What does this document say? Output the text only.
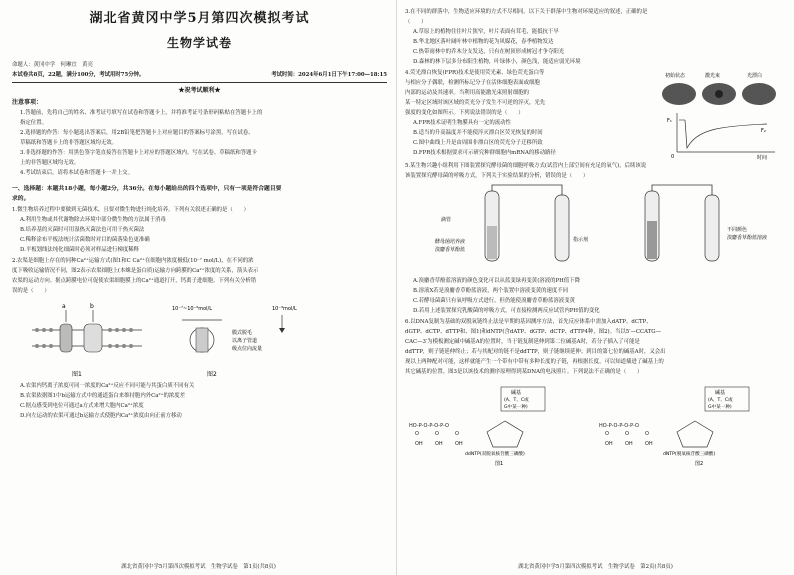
湖北省黄冈中学5月第四次模拟考试
生物学试卷
命题人：黄冈中学　何琳宜　黄亮
本试卷共8页，22题，满分100分，考试用时75分钟。	考试时间：2024年6月1日下午17:00—18:15
★祝考试顺利★
注意事项：

1.答题前，先将自己的姓名、准考证号填写在试卷和答题卡上，并将准考证号条形码粘贴在答题卡上的

指定位置。

2.选择题的作答：每小题选出答案后，用2B铅笔把答题卡上对应题目的答案标号涂黑。写在试卷、

草稿纸和答题卡上的非答题区域均无效。

3.非选择题的作答：用黑色签字笔直接答在答题卡上对应的答题区域内。写在试卷、草稿纸和答题卡

上的非答题区域均无效。

4.考试结束后，请将本试卷和答题卡一并上交。

一、选择题：本题共18小题，每小题2分，共36分。在每小题给出的四个选项中，只有一项是符合题目要

求的。

1.微生物培养过程中要做到无菌技术，且要对微生物进行纯化培养。下列有关叙述正确的是（　　）

A.利用生物或其代谢物除去环境中部分微生物的方法属于消毒

B.培养基的灭菌时可用湿热灭菌法也可用干热灭菌法

C.稀释涂布平板法统计活菌数时对目的菌落染色更准确

D.平板划线法纯化细菌时必须对样品进行梯度稀释

2.农渠是细胞上存在的同种Ca²⁺运输方式(图1和C Ca²⁺在细胞内浓度极低(10⁻⁷ mol/L)，在不同的浓

度下吸收运输情况不同，图2表示农渠细胞上(本蛛是蛋白质)运输方向跨膜的Ca²⁺浓度的关系，箭头表示

农渠的运动方向。据点跨膜电位可促使农渠细胞膜上的Ca²⁺通道打开，钙离子进细胞。下列有关分析错

误的是（　　）

a	b
图1
10⁻⁷~10⁻⁶mol/L	10⁻³mol/L
膜式脱毛
以离子管道
级点位向流量
图2

A.农渠内钙离子浓度可同一浓度的Ca²⁺反应不同可能与其蛋白质不同有关

B.农渠依据图1中b运输方式中的通道蛋白来维持胞内外Ca²⁺的浓度差

C.据点感受到电位可通过a方式来增大胞内Ca²⁺浓度

D.向左运动的农渠可通过b运输方式使胞内Ca²⁺浓度由向正前方移动

湖北省黄冈中学5月第四次模拟考试　生物学试卷　第1页(共8页)

3.在不同的群落中，生物适应环境的方式不尽相同。以下关于群落中生物对环境适应的叙述，正确的是

（　　）

A.草原上的植物往往叶片狭窄，叶片表面有茸毛，能抵抗干旱

B.华北地区落叶阔叶林中植物的花为风媒花，春季植物发达

C.热带雨林中的乔木分支发达，只有在树顶形成树冠才争夺阳光

D.森林的林下层多分布阳生植物，叶绿体小，颜色浅，能适应弱光环境

4.荧光漂白恢复(FPR)技术是使用荧光素、绿色荧光蛋白等

与相应分子偶联，检测所标记分子在活体细胞表面或细胞

内部的运动及其速率。当利用高能激光束照射细胞的

某一特定区域时该区域的荧光分子发生不可逆的淬灭，光先

强度的变化如图所示。下列说法错误的是（　　）

A.FPR技术证明生物膜具有一定的流动性

B.适当的升高温度并不能使淬灭漂白区荧光恢复的时间

C.图中曲线上升是由周围非漂白区的荧光分子迁移所致

D.FPR技术根据要求可示研究种群细胞内mRNA的移动路径

初始状态	激光束	光漂白
F₁
F₂
0	时间

5.某生物兴趣小组利用下图装置探究酵母菌的细胞呼吸方式(试管内上部空间有充足的氧气)，后续该说

该装置探究酵母菌的呼吸方式，下列关于实验结果的分析，错误的是（　　）

滴管
酵母菌培养液
溴麝香草酚蓝
指示剂
不同颜色
溴麝香草酚蓝溶液

A.溴麝香草酚蓝溶液的颜色变化可以从蓝变绿再变黄(溶液的PH值下降

B.溶液X若是溴麝香草酚蓝溶液，两个装置中溶液变黄的速度不同

C.若酵母菌菌只有氧呼吸方式进行，但仍能使溴麝香草酚蓝溶液变黄

D.若用上述装置探究乳酸菌的呼吸方式，可直接检测两反应试管内PH值的变化

6.以DNA复制为基础的双脱氧链终止法是早期的基因测序方法，首先反应体系中需加入dATP、dCTP、

dGTP、dCTP、dTTP和、图1)和dNTP(含dATP、dGTP、dCTP、dTTP4种，图2)。当以5′—CCATG—

CAC—3′为模板测定碱中碱基A的位置时，当于链复制延伸到第二位碱基A时，若分子插入了可能是

ddTTP，则子链延伸终止；若与其配对的链不是ddTTP，则子链继续延伸；到目的第七位的碱基A时，又会出

现以上两种配对可能，这样就能产生一个带有中带有多种长度的子链，再根据长度，可以知道插进了碱基上的

其它碱基的位置。图3是以该技术的测序原理得到某DNA的电泳照片。下列说法不正确的是（　　）

O	O	O
HO-P-O-P-O-P-O
OH OH OH
碱基
(A、T、C或
G中某一种)
ddNTP(双脱氧核苷酸三磷酸)
图1
O	O	O
HO-P-O-P-O-P-O
OH OH OH
碱基
(A、T、C或
G中某一种)
dNTP(脱氧核苷酸三磷酸)
图2
湖北省黄冈中学5月第四次模拟考试　生物学试卷　第2页(共8页)
